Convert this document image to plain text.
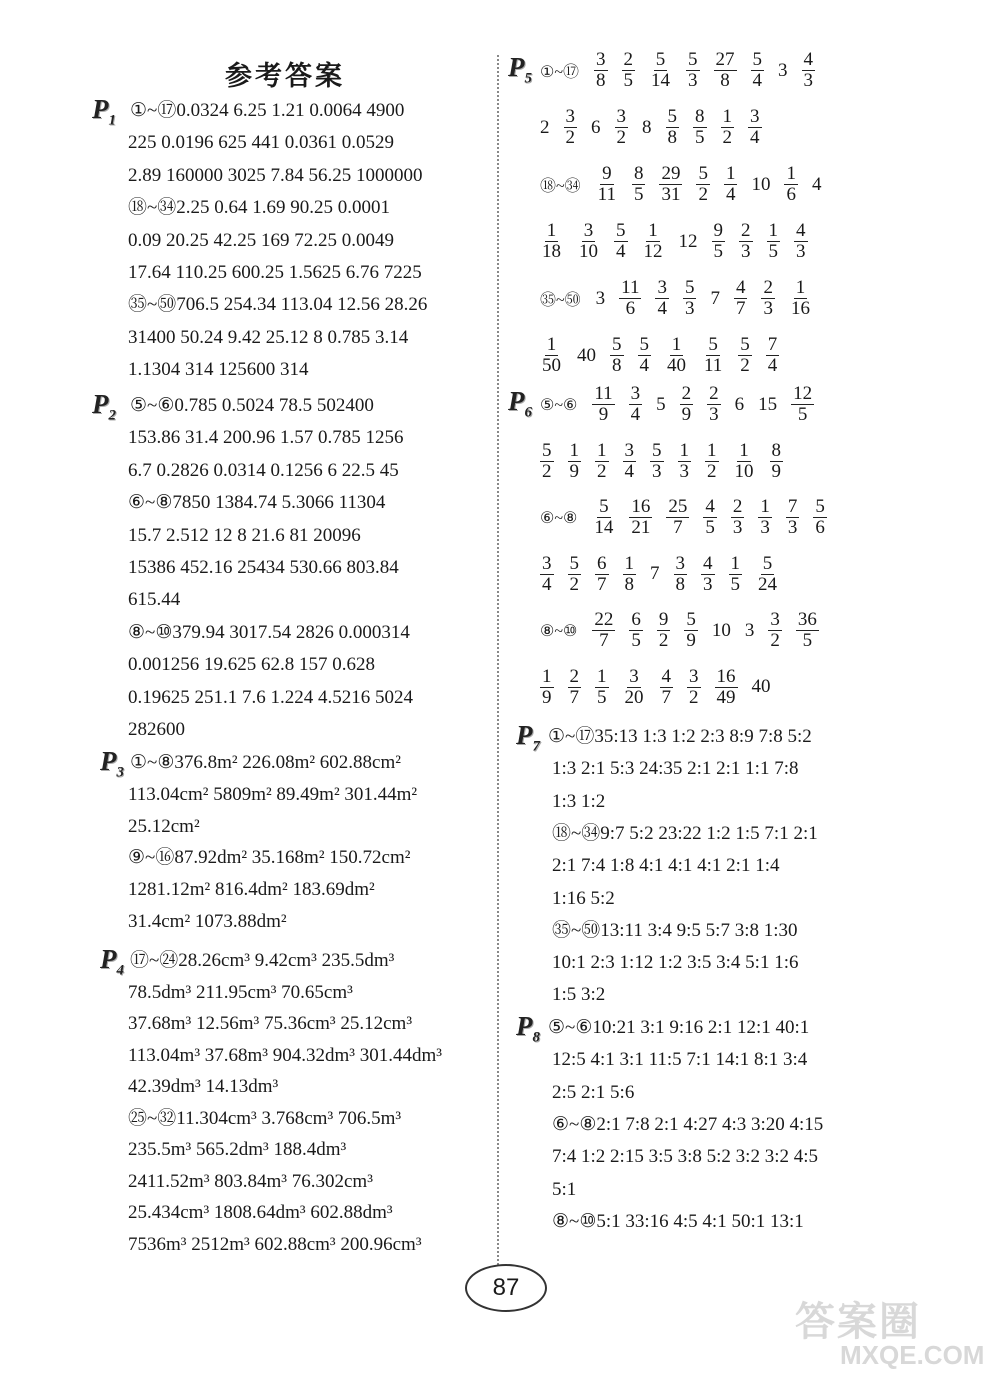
参考答案
$P_1$ ①~⑰0.0324 6.25 1.21 0.0064 4900
225 0.0196 625 441 0.0361 0.0529
2.89 160000 3025 7.84 56.25 1000000
⑱~㉞2.25 0.64 1.69 90.25 0.0001
0.09 20.25 42.25 169 72.25 0.0049
17.64 110.25 600.25 1.5625 6.76 7225
㉟~㊿706.5 254.34 113.04 12.56 28.26
31400 50.24 9.42 25.12 8 0.785 3.14
1.1304 314 125600 314
$P_2$ ⑤~⑥0.785 0.5024 78.5 502400
153.86 31.4 200.96 1.57 0.785 1256
6.7 0.2826 0.0314 0.1256 6 22.5 45
⑥~⑧7850 1384.74 5.3066 11304
15.7 2.512 12 8 21.6 81 20096
15386 452.16 25434 530.66 803.84
615.44
⑧~⑩379.94 3017.54 2826 0.000314
0.001256 19.625 62.8 157 0.628
0.19625 251.1 7.6 1.224 4.5216 5024
282600
$P_3$ ①~⑧376.8m² 226.08m² 602.88cm²
113.04cm² 5809m² 89.49m² 301.44m²
25.12cm²
⑨~⑯87.92dm² 35.168m² 150.72cm²
1281.12m² 816.4dm² 183.69dm²
31.4cm² 1073.88dm²
$P_4$ ⑰~㉔28.26cm³ 9.42cm³ 235.5dm³
78.5dm³ 211.95cm³ 70.65cm³
37.68m³ 12.56m³ 75.36cm³ 25.12cm³
113.04m³ 37.68m³ 904.32dm³ 301.44dm³
42.39dm³ 14.13dm³
㉕~㉜11.304cm³ 3.768cm³ 706.5m³
235.5m³ 565.2dm³ 188.4dm³
2411.52m³ 803.84m³ 76.302cm³
25.434cm³ 1808.64dm³ 602.88dm³
7536m³ 2512m³ 602.88cm³ 200.96cm³
$P_5$ ①~⑰
3
8
2
5
5
14
5
3
27
8
5
4 3 4
3
2 3
2 6 3
2 8 5
8
8
5
1
2
3
4
⑱~㉞
9
11
8
5
29
31
5
2
1
4 10 1
6 4
1
18
3
10
5
4
1
12 12 9
5
2
3
1
5
4
3
㉟~㊿ 3 11
6
3
4
5
3 7 4
7
2
3
1
16
1
50 40 5
8
5
4
1
40
5
11
5
2
7
4
$P_6$ ⑤~⑥
11
9
3
4 5 2
9
2
3 6 15 12
5
5
2
1
9
1
2
3
4
5
3
1
3
1
2
1
10
8
9
⑥~⑧
5
14
16
21
25
7
4
5
2
3
1
3
7
3
5
6
3
4
5
2
6
7
1
8 7 3
8
4
3
1
5
5
24
⑧~⑩
22
7
6
5
9
2
5
9 10 3 3
2
36
5
1
9
2
7
1
5
3
20
4
7
3
2
16
49 40
$P_7$ ①~⑰35:13 1:3 1:2 2:3 8:9 7:8 5:2
1:3 2:1 5:3 24:35 2:1 2:1 1:1 7:8
1:3 1:2
⑱~㉞9:7 5:2 23:22 1:2 1:5 7:1 2:1
2:1 7:4 1:8 4:1 4:1 4:1 2:1 1:4
1:16 5:2
㉟~㊿13:11 3:4 9:5 5:7 3:8 1:30
10:1 2:3 1:12 1:2 3:5 3:4 5:1 1:6
1:5 3:2
$P_8$ ⑤~⑥10:21 3:1 9:16 2:1 12:1 40:1
12:5 4:1 3:1 11:5 7:1 14:1 8:1 3:4
2:5 2:1 5:6
⑥~⑧2:1 7:8 2:1 4:27 4:3 3:20 4:15
7:4 1:2 2:15 3:5 3:8 5:2 3:2 3:2 4:5
5:1
⑧~⑩5:1 33:16 4:5 4:1 50:1 13:1
87
答案圈
MXQE.COM
